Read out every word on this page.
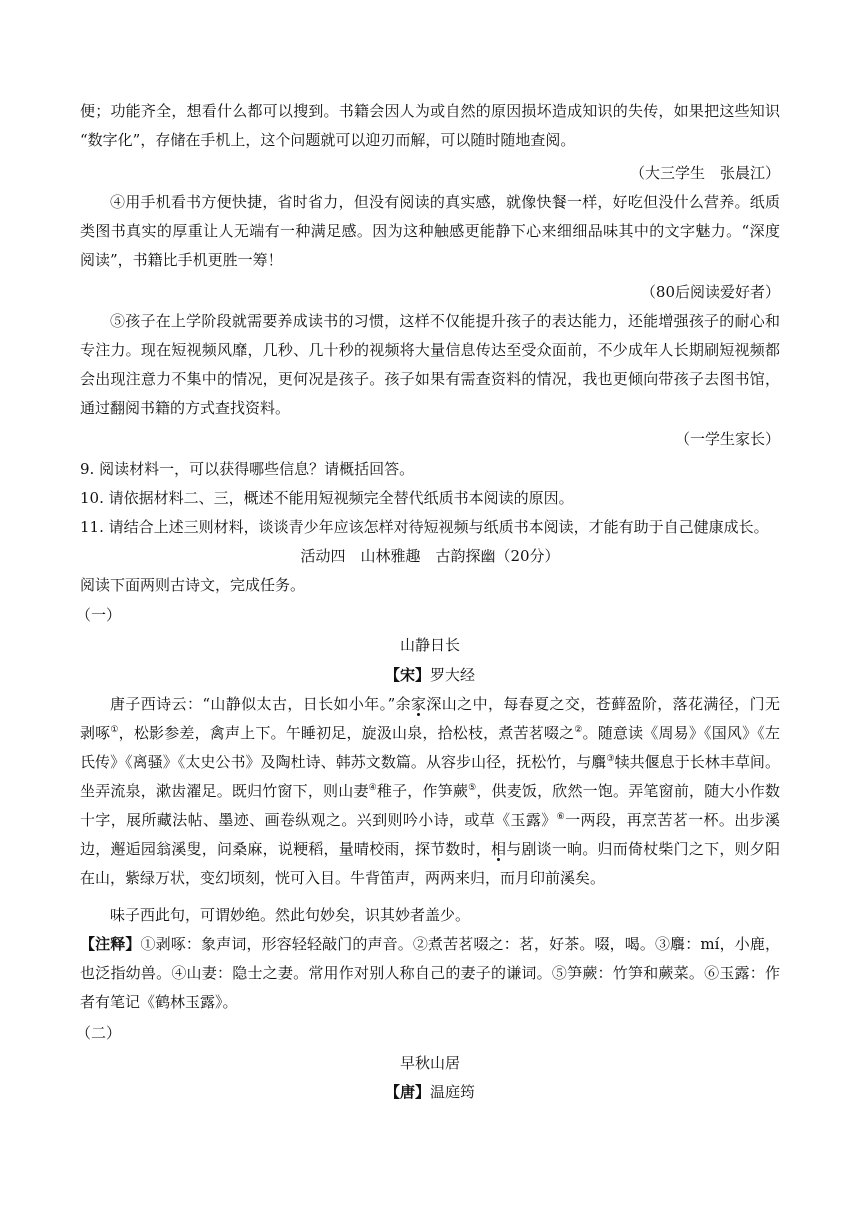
便；功能齐全，想看什么都可以搜到。书籍会因人为或自然的原因损坏造成知识的失传，如果把这些知识
“数字化”，存储在手机上，这个问题就可以迎刃而解，可以随时随地查阅。
（大三学生　张晨江）
④用手机看书方便快捷，省时省力，但没有阅读的真实感，就像快餐一样，好吃但没什么营养。纸质
类图书真实的厚重让人无端有一种满足感。因为这种触感更能静下心来细细品味其中的文字魅力。“深度
阅读”，书籍比手机更胜一筹！
（80后阅读爱好者）
⑤孩子在上学阶段就需要养成读书的习惯，这样不仅能提升孩子的表达能力，还能增强孩子的耐心和
专注力。现在短视频风靡，几秒、几十秒的视频将大量信息传达至受众面前，不少成年人长期刷短视频都
会出现注意力不集中的情况，更何况是孩子。孩子如果有需查资料的情况，我也更倾向带孩子去图书馆，
通过翻阅书籍的方式查找资料。
（一学生家长）
9. 阅读材料一，可以获得哪些信息？请概括回答。
10. 请依据材料二、三，概述不能用短视频完全替代纸质书本阅读的原因。
11. 请结合上述三则材料，谈谈青少年应该怎样对待短视频与纸质书本阅读，才能有助于自己健康成长。
活动四　山林雅趣　古韵探幽（20分）
阅读下面两则古诗文，完成任务。
（一）
山静日长
【宋】罗大经
唐子西诗云：“山静似太古，日长如小年。”余家深山之中，每春夏之交，苍藓盈阶，落花满径，门无
剥啄①，松影参差，禽声上下。午睡初足，旋汲山泉，拾松枝，煮苦茗啜之②。随意读《周易》《国风》《左
氏传》《离骚》《太史公书》及陶杜诗、韩苏文数篇。从容步山径，抚松竹，与麛③犊共偃息于长林丰草间。
坐弄流泉，漱齿濯足。既归竹窗下，则山妻④稚子，作笋蕨⑤，供麦饭，欣然一饱。弄笔窗前，随大小作数
十字，展所藏法帖、墨迹、画卷纵观之。兴到则吟小诗，或草《玉露》⑥一两段，再烹苦茗一杯。出步溪
边，邂逅园翁溪叟，问桑麻，说粳稻，量晴校雨，探节数时，相与剧谈一晌。归而倚杖柴门之下，则夕阳
在山，紫绿万状，变幻顷刻，恍可入目。牛背笛声，两两来归，而月印前溪矣。
味子西此句，可谓妙绝。然此句妙矣，识其妙者盖少。
【注释】①剥啄：象声词，形容轻轻敲门的声音。②煮苦茗啜之：茗，好茶。啜，喝。③麛：mí，小鹿，
也泛指幼兽。④山妻：隐士之妻。常用作对别人称自己的妻子的谦词。⑤笋蕨：竹笋和蕨菜。⑥玉露：作
者有笔记《鹤林玉露》。
（二）
早秋山居
【唐】温庭筠
